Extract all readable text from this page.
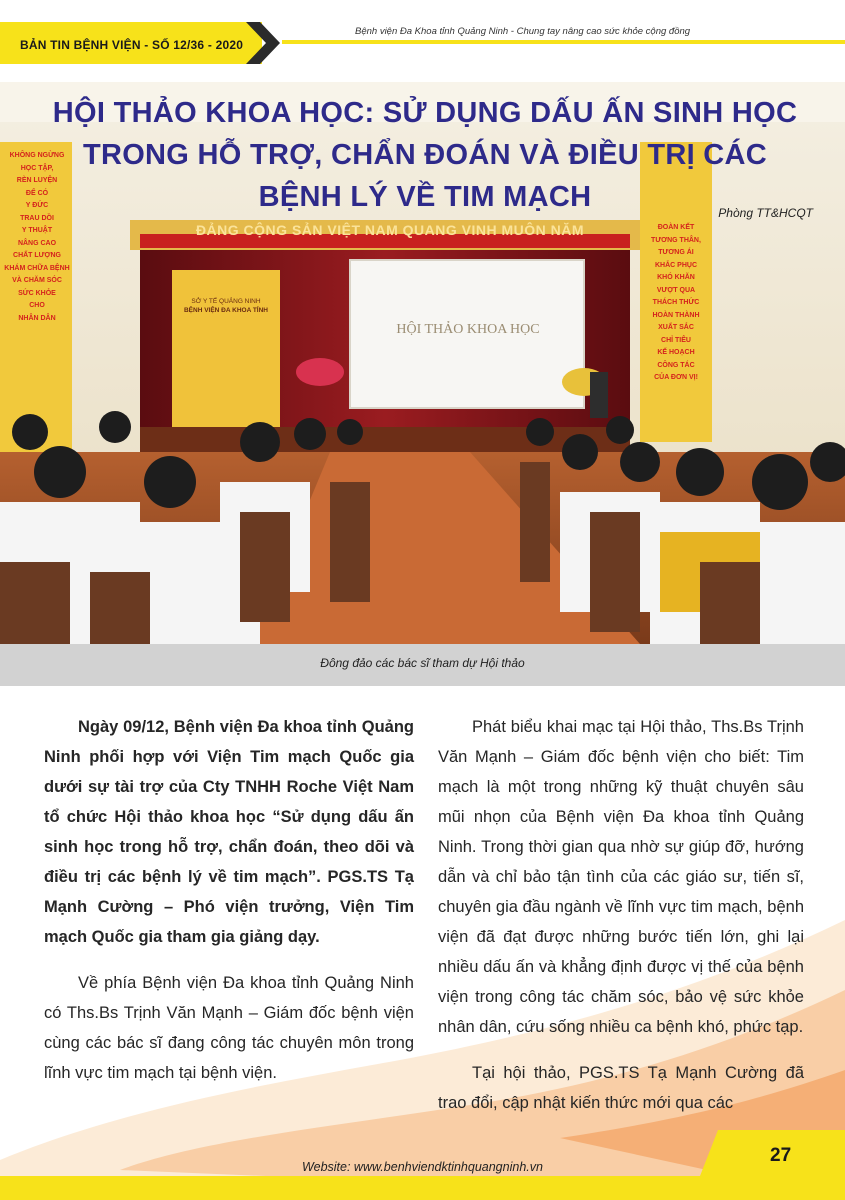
BẢN TIN BỆNH VIỆN - SỐ 12/36 - 2020
Bệnh viện Đa Khoa tỉnh Quảng Ninh - Chung tay nâng cao sức khỏe cộng đồng
ĐẢNG CỘNG SẢN VIỆT NAM QUANG VINH MUÔN NĂM
SỞ Y TẾ QUẢNG NINH
BỆNH VIỆN ĐA KHOA TỈNH
HỘI THẢO KHOA HỌC
KHÔNG NGỪNG
HỌC TẬP,
RÈN LUYỆN
ĐỂ CÓ
Y ĐỨC
TRAU DỒI
Y THUẬT
NÂNG CAO
CHẤT LƯỢNG
KHÁM CHỮA BỆNH
VÀ CHĂM SÓC
SỨC KHỎE
CHO
NHÂN DÂN
ĐOÀN KẾT
TƯƠNG THÂN,
TƯƠNG ÁI
KHẮC PHỤC
KHÓ KHĂN
VƯỢT QUA
THÁCH THỨC
HOÀN THÀNH
XUẤT SẮC
CHỈ TIÊU
KẾ HOẠCH
CÔNG TÁC
CỦA ĐƠN VỊ!
HỘI THẢO KHOA HỌC: SỬ DỤNG DẤU ẤN SINH HỌC
TRONG HỖ TRỢ, CHẨN ĐOÁN VÀ ĐIỀU TRỊ CÁC
BỆNH LÝ VỀ TIM MẠCH	Phòng TT&HCQT
Đông đảo các bác sĩ tham dự Hội thảo

Ngày 09/12, Bệnh viện Đa khoa tỉnh Quảng Ninh phối hợp với Viện Tim mạch Quốc gia dưới sự tài trợ của Cty TNHH Roche Việt Nam tổ chức Hội thảo khoa học “Sử dụng dấu ấn sinh học trong hỗ trợ, chẩn đoán, theo dõi và điều trị các bệnh lý về tim mạch”. PGS.TS Tạ Mạnh Cường – Phó viện trưởng, Viện Tim mạch Quốc gia tham gia giảng dạy.

Về phía Bệnh viện Đa khoa tỉnh Quảng Ninh có Ths.Bs Trịnh Văn Mạnh – Giám đốc bệnh viện cùng các bác sĩ đang công tác chuyên môn trong lĩnh vực tim mạch tại bệnh viện.

Phát biểu khai mạc tại Hội thảo, Ths.Bs Trịnh Văn Mạnh – Giám đốc bệnh viện cho biết: Tim mạch là một trong những kỹ thuật chuyên sâu mũi nhọn của Bệnh viện Đa khoa tỉnh Quảng Ninh. Trong thời gian qua nhờ sự giúp đỡ, hướng dẫn và chỉ bảo tận tình của các giáo sư, tiến sĩ, chuyên gia đầu ngành về lĩnh vực tim mạch, bệnh viện đã đạt được những bước tiến lớn, ghi lại nhiều dấu ấn và khẳng định được vị thế của bệnh viện trong công tác chăm sóc, bảo vệ sức khỏe nhân dân, cứu sống nhiều ca bệnh khó, phức tạp.

Tại hội thảo, PGS.TS Tạ Mạnh Cường đã trao đổi, cập nhật kiến thức mới qua các

Website: www.benhviendktinhquangninh.vn
27
